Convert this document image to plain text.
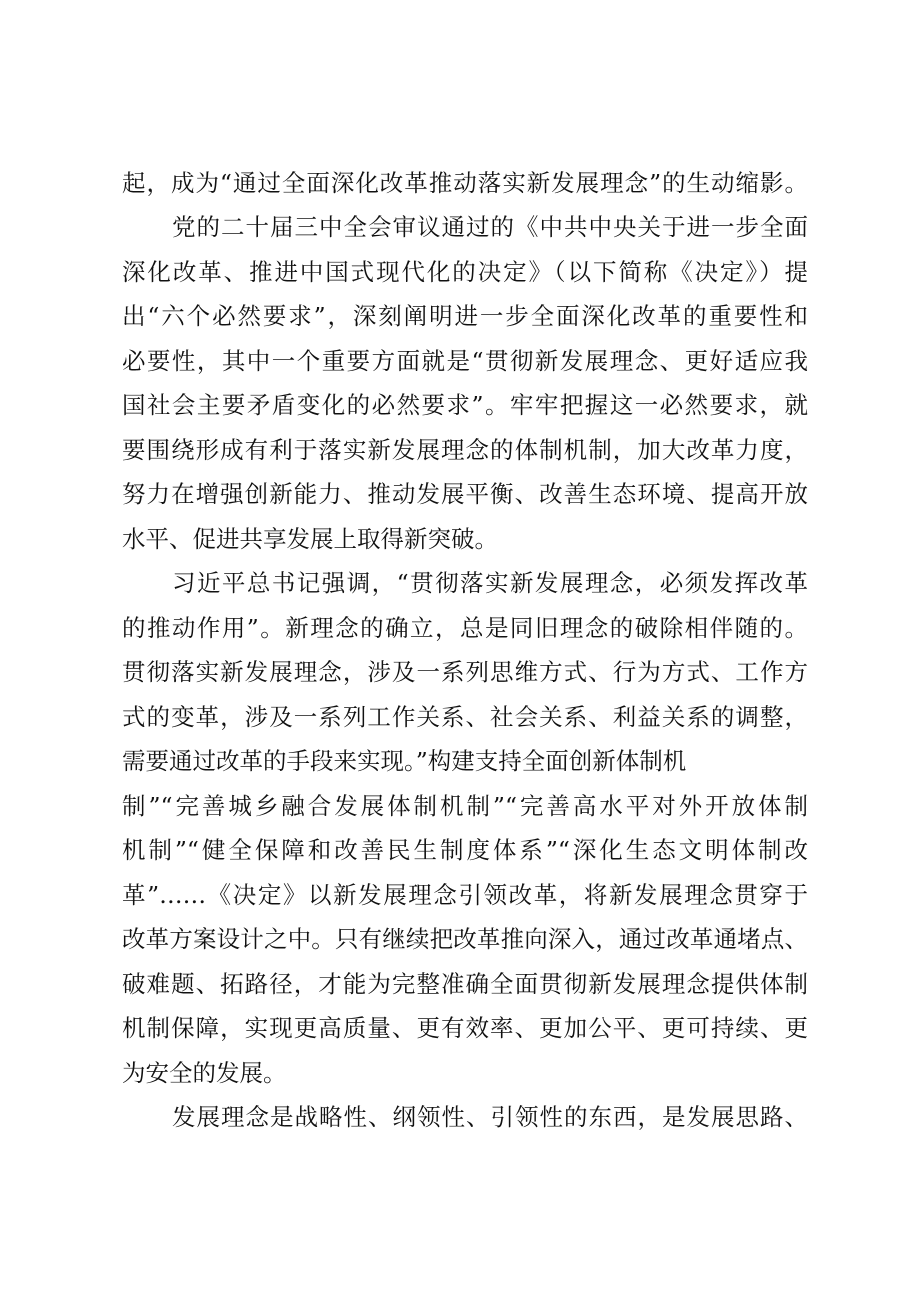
起，成为“通过全面深化改革推动落实新发展理念”的生动缩影。
党的二十届三中全会审议通过的《中共中央关于进一步全面
深化改革、推进中国式现代化的决定》（以下简称《决定》）提
出“六个必然要求”，深刻阐明进一步全面深化改革的重要性和
必要性，其中一个重要方面就是“贯彻新发展理念、更好适应我
国社会主要矛盾变化的必然要求”。牢牢把握这一必然要求，就
要围绕形成有利于落实新发展理念的体制机制，加大改革力度，
努力在增强创新能力、推动发展平衡、改善生态环境、提高开放
水平、促进共享发展上取得新突破。
习近平总书记强调，“贯彻落实新发展理念，必须发挥改革
的推动作用”。新理念的确立，总是同旧理念的破除相伴随的。
贯彻落实新发展理念，涉及一系列思维方式、行为方式、工作方
式的变革，涉及一系列工作关系、社会关系、利益关系的调整，
需要通过改革的手段来实现。”构建支持全面创新体制机
制”“完善城乡融合发展体制机制”“完善高水平对外开放体制
机制”“健全保障和改善民生制度体系”“深化生态文明体制改
革”……《决定》以新发展理念引领改革，将新发展理念贯穿于
改革方案设计之中。只有继续把改革推向深入，通过改革通堵点、
破难题、拓路径，才能为完整准确全面贯彻新发展理念提供体制
机制保障，实现更高质量、更有效率、更加公平、更可持续、更
为安全的发展。
发展理念是战略性、纲领性、引领性的东西，是发展思路、
